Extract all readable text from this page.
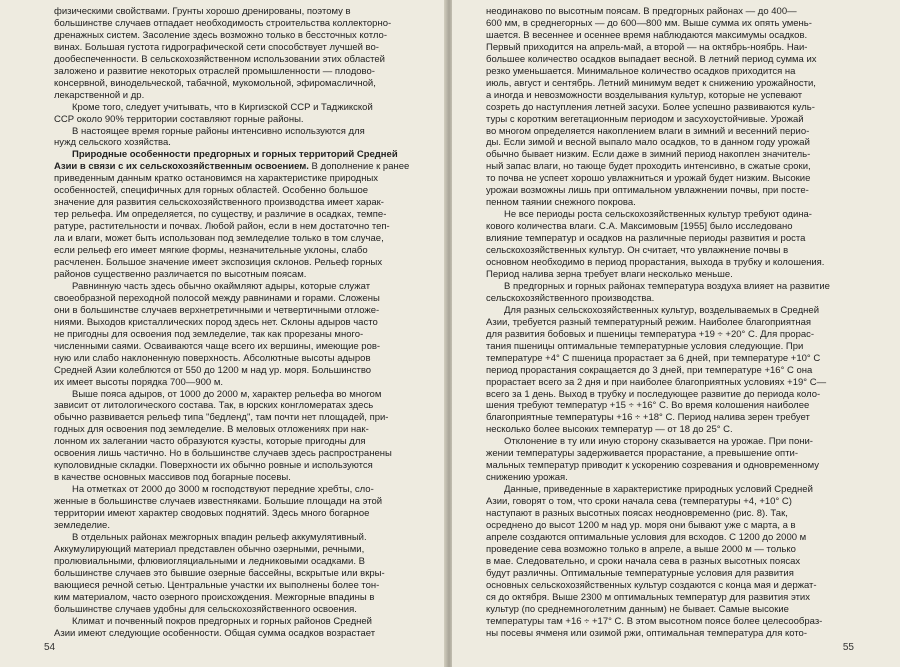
физическими свойствами. Грунты хорошо дренированы, поэтому в
большинстве случаев отпадает необходимость строительства коллекторно-
дренажных систем. Засоление здесь возможно только в бессточных котло-
винах. Большая густота гидрографической сети способствует лучшей во-
дообеспеченности. В сельскохозяйственном использовании этих областей
заложено и развитие некоторых отраслей промышленности — плодово-
консервной, винодельческой, табачной, мукомольной, эфиромасличной,
лекарственной и др.

Кроме того, следует учитывать, что в Киргизской ССР и Таджикской
ССР около 90% территории составляют горные районы.

В настоящее время горные районы интенсивно используются для
нужд сельского хозяйства.

Природные особенности предгорных и горных территорий Средней
Азии в связи с их сельскохозяйственным освоением. В дополнение к ранее
приведенным данным кратко остановимся на характеристике природных
особенностей, специфичных для горных областей. Особенно большое
значение для развития сельскохозяйственного производства имеет харак-
тер рельефа. Им определяется, по существу, и различие в осадках, темпе-
ратуре, растительности и почвах. Любой район, если в нем достаточно теп-
ла и влаги, может быть использован под земледелие только в том случае,
если рельеф его имеет мягкие формы, незначительные уклоны, слабо
расчленен. Большое значение имеет экспозиция склонов. Рельеф горных
районов существенно различается по высотным поясам.

Равнинную часть здесь обычно окаймляют адыры, которые служат
своеобразной переходной полосой между равнинами и горами. Сложены
они в большинстве случаев верхнетретичными и четвертичными отложе-
ниями. Выходов кристаллических пород здесь нет. Склоны адыров часто
не пригодны для освоения под земледелие, так как прорезаны много-
численными саями. Осваиваются чаще всего их вершины, имеющие ров-
ную или слабо наклоненную поверхность. Абсолютные высоты адыров
Средней Азии колеблются от 550 до 1200 м над ур. моря. Большинство
их имеет высоты порядка 700—900 м.

Выше пояса адыров, от 1000 до 2000 м, характер рельефа во многом
зависит от литологического состава. Так, в юрских конгломератах здесь
обычно развивается рельеф типа "бедленд", там почти нет площадей, при-
годных для освоения под земледелие. В меловых отложениях при нак-
лонном их залегании часто образуются куэсты, которые пригодны для
освоения лишь частично. Но в большинстве случаев здесь распространены
куполовидные складки. Поверхности их обычно ровные и используются
в качестве основных массивов под богарные посевы.

На отметках от 2000 до 3000 м господствуют передние хребты, сло-
женные в большинстве случаев известняками. Большие площади на этой
территории имеют характер сводовых поднятий. Здесь много богарное
земледелие.

В отдельных районах межгорных впадин рельеф аккумулятивный.
Аккумулирующий материал представлен обычно озерными, речными,
пролювиальными, флювиогляциальными и ледниковыми осадками. В
большинстве случаев это бывшие озерные бассейны, вскрытые или вкры-
вающиеся речной сетью. Центральные участки их выполнены более тон-
ким материалом, часто озерного происхождения. Межгорные впадины в
большинстве случаев удобны для сельскохозяйственного освоения.

Климат и почвенный покров предгорных и горных районов Средней
Азии имеют следующие особенности. Общая сумма осадков возрастает

54

неодинаково по высотным поясам. В предгорных районах — до 400—
600 мм, в среднегорных — до 600—800 мм. Выше сумма их опять умень-
шается. В весеннее и осеннее время наблюдаются максимумы осадков.
Первый приходится на апрель-май, а второй — на октябрь-ноябрь. Наи-
большее количество осадков выпадает весной. В летний период сумма их
резко уменьшается. Минимальное количество осадков приходится на
июль, август и сентябрь. Летний минимум ведет к снижению урожайности,
а иногда и невозможности возделывания культур, которые не успевают
созреть до наступления летней засухи. Более успешно развиваются куль-
туры с коротким вегетационным периодом и засухоустойчивые. Урожай
во многом определяется накоплением влаги в зимний и весенний перио-
ды. Если зимой и весной выпало мало осадков, то в данном году урожай
обычно бывает низким. Если даже в зимний период накоплен значитель-
ный запас влаги, но тающе будет проходить интенсивно, в сжатые сроки,
то почва не успеет хорошо увлажниться и урожай будет низким. Высокие
урожаи возможны лишь при оптимальном увлажнении почвы, при посте-
пенном таянии снежного покрова.

Не все периоды роста сельскохозяйственных культур требуют одина-
кового количества влаги. С.А. Максимовым [1955] было исследовано
влияние температур и осадков на различные периоды развития и роста
сельскохозяйственных культур. Он считает, что увлажнение почвы в
основном необходимо в период прорастания, выхода в трубку и колошения.
Период налива зерна требует влаги несколько меньше.

В предгорных и горных районах температура воздуха влияет на развитие
сельскохозяйственного производства.

Для разных сельскохозяйственных культур, возделываемых в Средней
Азии, требуется разный температурный режим. Наиболее благоприятная
для развития бобовых и пшеницы температура +19 ÷ +20° С. Для прорас-
тания пшеницы оптимальные температурные условия следующие. При
температуре +4° С пшеница прорастает за 6 дней, при температуре +10° С
период прорастания сокращается до 3 дней, при температуре +16° С она
прорастает всего за 2 дня и при наиболее благоприятных условиях +19° С—
всего за 1 день. Выход в трубку и последующее развитие до периода коло-
шения требуют температур +15 ÷ +16° С. Во время колошения наиболее
благоприятные температуры +16 ÷ +18° С. Период налива зерен требует
несколько более высоких температур — от 18 до 25° С.

Отклонение в ту или иную сторону сказывается на урожае. При пони-
жении температуры задерживается прорастание, а превышение опти-
мальных температур приводит к ускорению созревания и одновременному
снижению урожая.

Данные, приведенные в характеристике природных условий Средней
Азии, говорят о том, что сроки начала сева (температуры +4, +10° С)
наступают в разных высотных поясах неодновременно (рис. 8). Так,
осреднено до высот 1200 м над ур. моря они бывают уже с марта, а в
апреле создаются оптимальные условия для всходов. С 1200 до 2000 м
проведение сева возможно только в апреле, а выше 2000 м — только
в мае. Следовательно, и сроки начала сева в разных высотных поясах
будут различны. Оптимальные температурные условия для развития
основных сельскохозяйственных культур создаются с конца мая и держат-
ся до октября. Выше 2300 м оптимальных температур для развития этих
культур (по среднемноголетним данным) не бывает. Самые высокие
температуры там +16 ÷ +17° С. В этом высотном поясе более целесообраз-
ны посевы ячменя или озимой ржи, оптимальная температура для кото-

55
